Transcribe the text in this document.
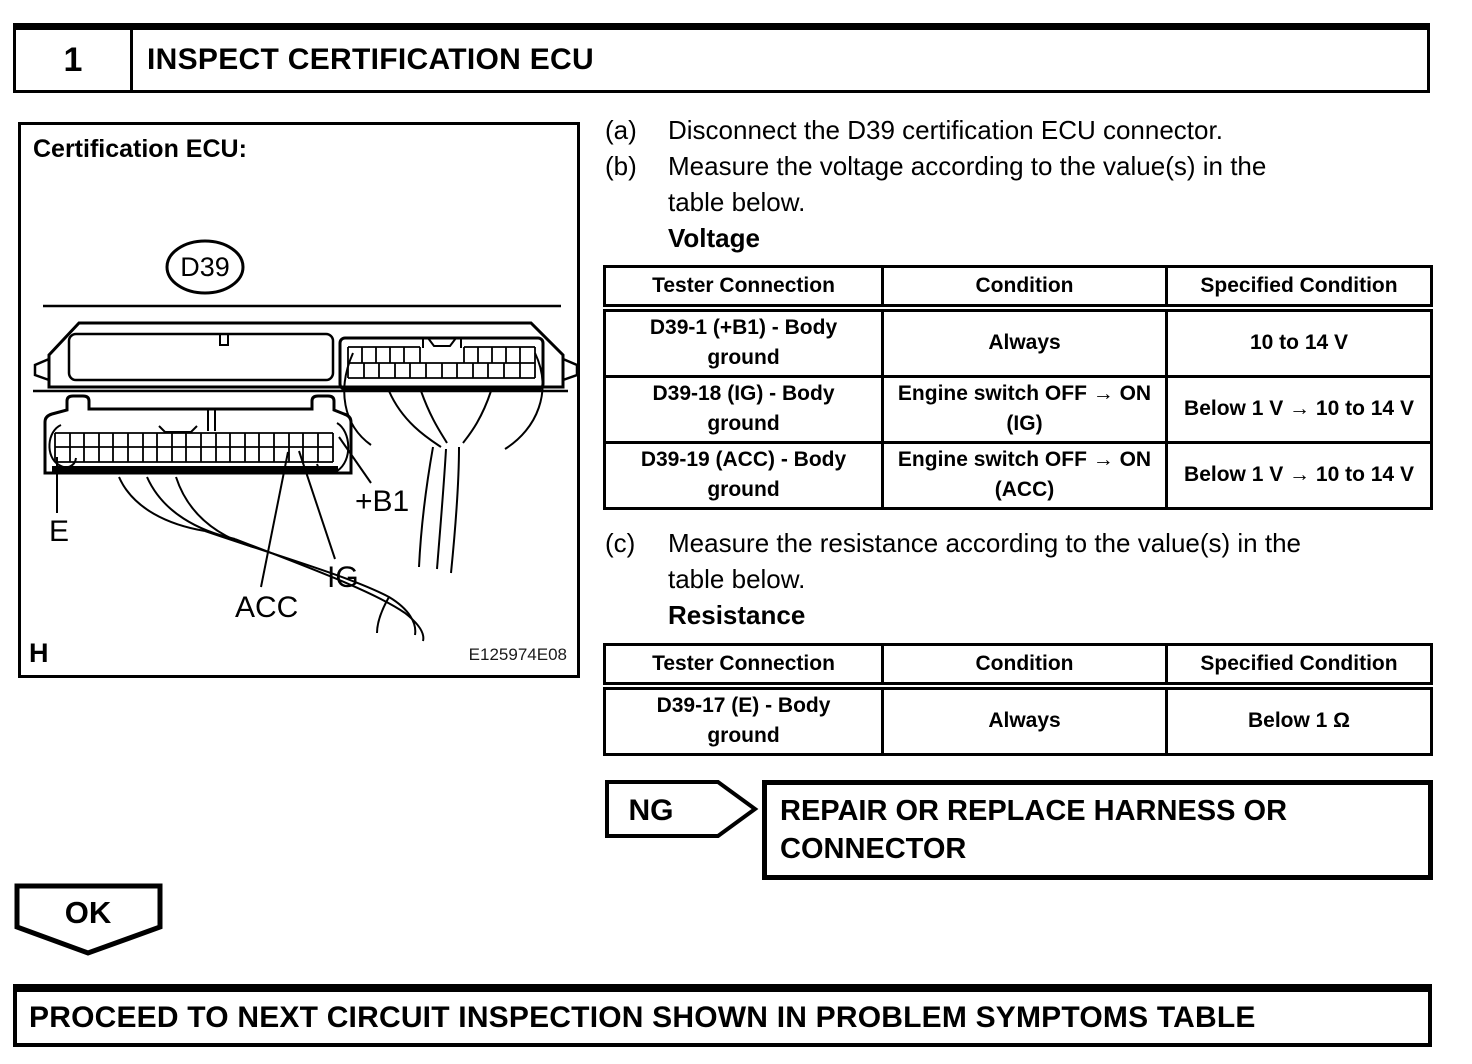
1	INSPECT CERTIFICATION ECU
Certification ECU:
D39
E
ACC
IG
+B1
H	E125974E08
(a)	Disconnect the D39 certification ECU connector.
(b)	Measure the voltage according to the value(s) in the
table below.
Voltage
Tester Connection	Condition	Specified Condition
D39-1 (+B1) - Body ground	Always	10 to 14 V
D39-18 (IG) - Body ground	Engine switch OFF → ON (IG)	Below 1 V → 10 to 14 V
D39-19 (ACC) - Body ground	Engine switch OFF → ON (ACC)	Below 1 V → 10 to 14 V
(c)	Measure the resistance according to the value(s) in the
table below.
Resistance
Tester Connection	Condition	Specified Condition
D39-17 (E) - Body ground	Always	Below 1 Ω
NG	REPAIR OR REPLACE HARNESS OR
CONNECTOR
OK
PROCEED TO NEXT CIRCUIT INSPECTION SHOWN IN PROBLEM SYMPTOMS TABLE
